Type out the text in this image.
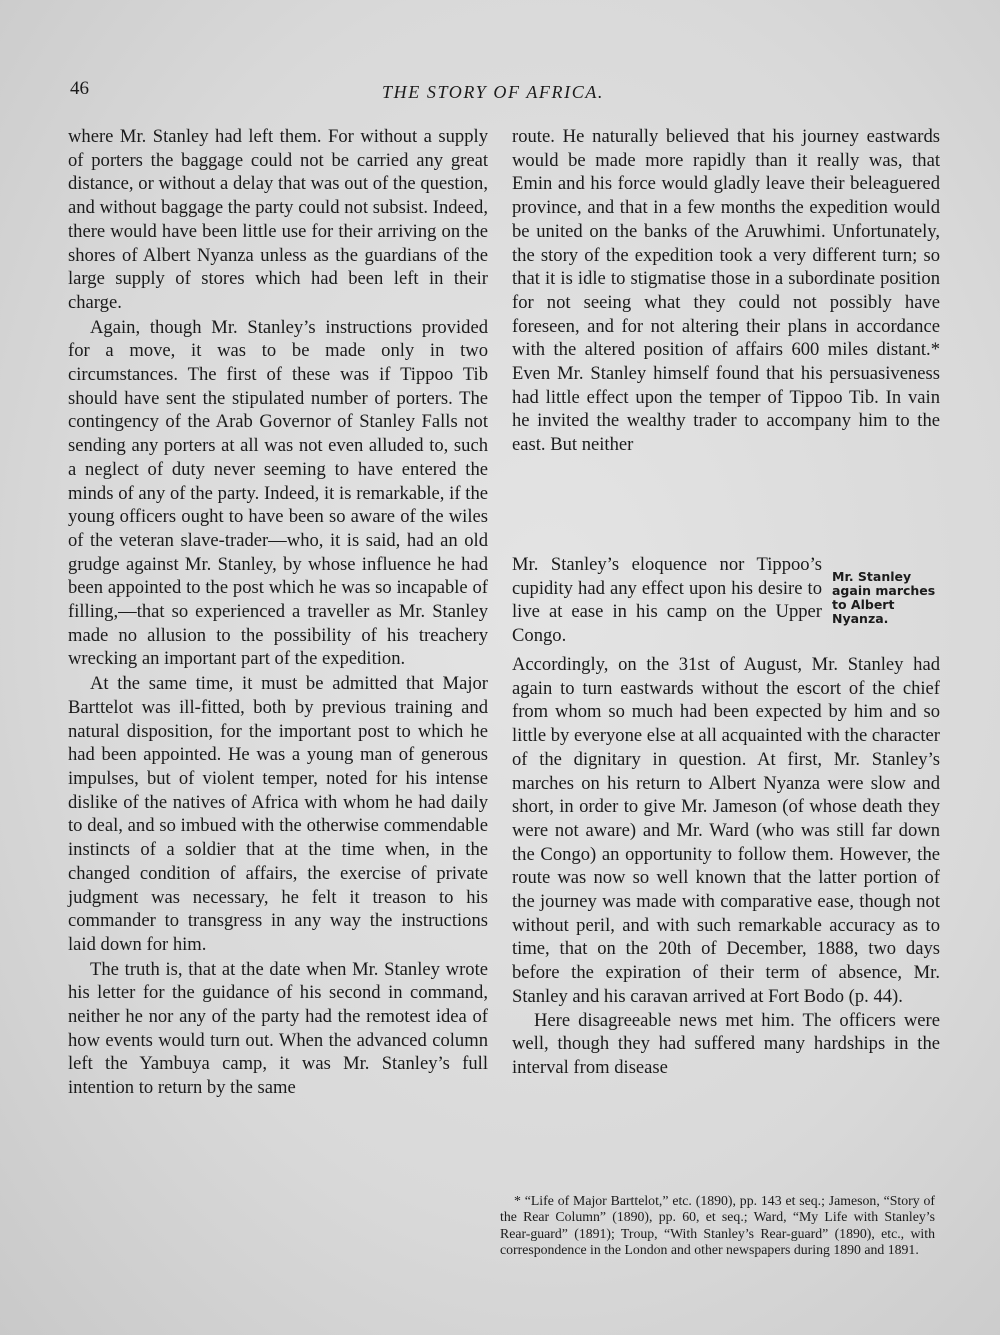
46	THE STORY OF AFRICA.

where Mr. Stanley had left them. For without a supply of porters the baggage could not be carried any great distance, or without a delay that was out of the question, and without baggage the party could not subsist. Indeed, there would have been little use for their arriving on the shores of Albert Nyanza unless as the guardians of the large supply of stores which had been left in their charge.

Again, though Mr. Stanley’s instructions provided for a move, it was to be made only in two circumstances. The first of these was if Tippoo Tib should have sent the stipulated number of porters. The contingency of the Arab Governor of Stanley Falls not sending any porters at all was not even alluded to, such a neglect of duty never seeming to have entered the minds of any of the party. Indeed, it is remarkable, if the young officers ought to have been so aware of the wiles of the veteran slave-trader—who, it is said, had an old grudge against Mr. Stanley, by whose influence he had been appointed to the post which he was so incapable of filling,—that so experienced a traveller as Mr. Stanley made no allusion to the possibility of his treachery wrecking an important part of the expedition.

At the same time, it must be admitted that Major Barttelot was ill-fitted, both by previous training and natural disposition, for the important post to which he had been appointed. He was a young man of generous impulses, but of violent temper, noted for his intense dislike of the natives of Africa with whom he had daily to deal, and so imbued with the otherwise commendable instincts of a soldier that at the time when, in the changed condition of affairs, the exercise of private judgment was necessary, he felt it treason to his commander to transgress in any way the instructions laid down for him.

The truth is, that at the date when Mr. Stanley wrote his letter for the guidance of his second in command, neither he nor any of the party had the remotest idea of how events would turn out. When the advanced column left the Yambuya camp, it was Mr. Stanley’s full intention to return by the same

route. He naturally believed that his journey eastwards would be made more rapidly than it really was, that Emin and his force would gladly leave their beleaguered province, and that in a few months the expedition would be united on the banks of the Aruwhimi. Unfortunately, the story of the expedition took a very different turn; so that it is idle to stigmatise those in a subordinate position for not seeing what they could not possibly have foreseen, and for not altering their plans in accordance with the altered position of affairs 600 miles distant.* Even Mr. Stanley himself found that his persuasiveness had little effect upon the temper of Tippoo Tib. In vain he invited the wealthy trader to accompany him to the east. But neither

Mr. Stanley’s eloquence nor Tippoo’s cupidity had any effect upon his desire to live at ease in his camp on the Upper Congo.

Mr. Stanley again marches to Albert Nyanza.

Accordingly, on the 31st of August, Mr. Stanley had again to turn eastwards without the escort of the chief from whom so much had been expected by him and so little by everyone else at all acquainted with the character of the dignitary in question. At first, Mr. Stanley’s marches on his return to Albert Nyanza were slow and short, in order to give Mr. Jameson (of whose death they were not aware) and Mr. Ward (who was still far down the Congo) an opportunity to follow them. However, the route was now so well known that the latter portion of the journey was made with comparative ease, though not without peril, and with such remarkable accuracy as to time, that on the 20th of December, 1888, two days before the expiration of their term of absence, Mr. Stanley and his caravan arrived at Fort Bodo (p. 44).

Here disagreeable news met him. The officers were well, though they had suffered many hardships in the interval from disease

* “Life of Major Barttelot,” etc. (1890), pp. 143 et seq.; Jameson, “Story of the Rear Column” (1890), pp. 60, et seq.; Ward, “My Life with Stanley’s Rear-guard” (1891); Troup, “With Stanley’s Rear-guard” (1890), etc., with correspondence in the London and other newspapers during 1890 and 1891.
